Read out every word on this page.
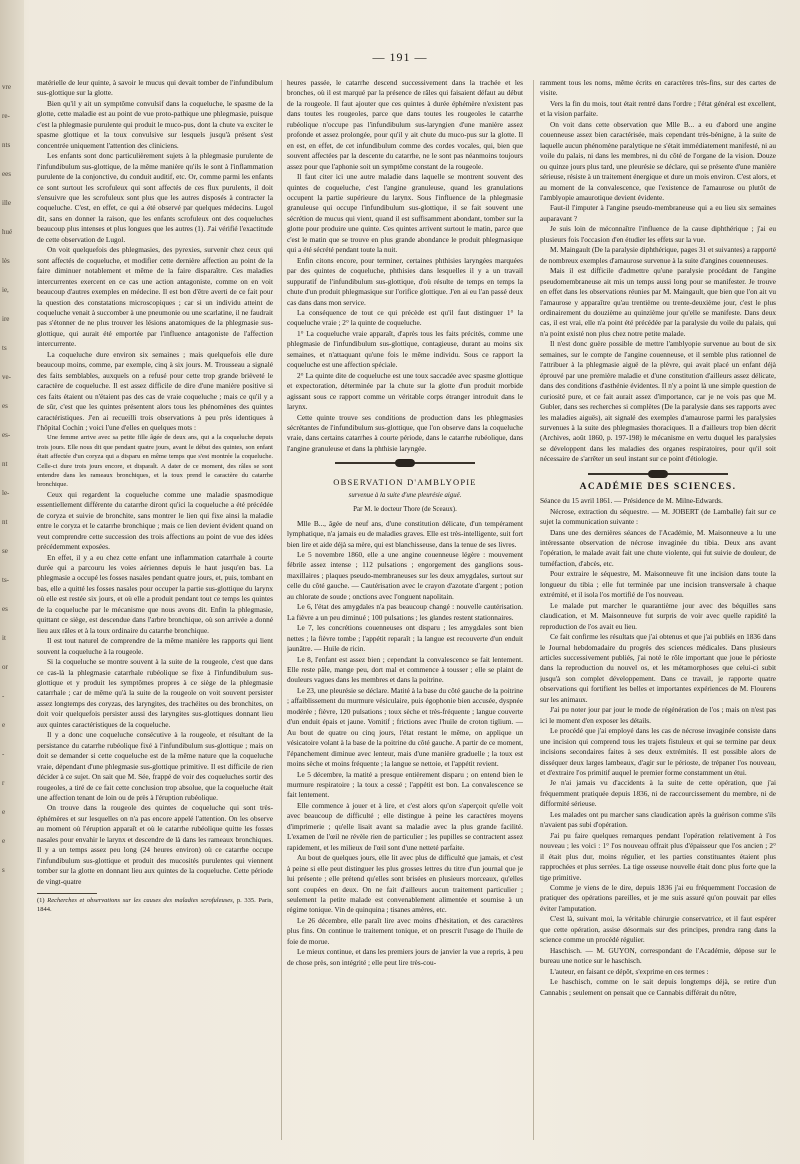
vre
re-
nts
ees
ille
hué
lès
ie,
ire
ts
ve-
es
es-
nt
le-
nt
se
ts-
es
it
or
-
e
-
r
e
e
s
— 191 —

matérielle de leur quinte, à savoir le mucus qui devait tomber de l'infundibulum sus-glottique sur la glotte.

Bien qu'il y ait un symptôme convulsif dans la coqueluche, le spasme de la glotte, cette maladie est au point de vue proto-pathique une phlegmasie, puisque c'est la phlegmasie purulente qui produit le muco-pus, dont la chute va exciter le spasme glottique et la toux convulsive sur lesquels jusqu'à présent s'est concentrée uniquement l'attention des cliniciens.

Les enfants sont donc particulièrement sujets à la phlegmasie purulente de l'infundibulum sus-glottique, de la même manière qu'ils le sont à l'inflammation purulente de la conjonctive, du conduit auditif, etc. Or, comme parmi les enfants ce sont surtout les scrofuleux qui sont affectés de ces flux purulents, il doit s'ensuivre que les scrofuleux sont plus que les autres disposés à contracter la coqueluche. C'est, en effet, ce qui a été observé par quelques médecins. Lugol dit, sans en donner la raison, que les enfants scrofuleux ont des coqueluches beaucoup plus intenses et plus longues que les autres (1). J'ai vérifié l'exactitude de cette observation de Lugol.

On voit quelquefois des phlegmasies, des pyrexies, survenir chez ceux qui sont affectés de coqueluche, et modifier cette dernière affection au point de la faire diminuer notablement et même de la faire disparaître. Ces maladies intercurrentes exercent en ce cas une action antagoniste, comme on en voit beaucoup d'autres exemples en médecine. Il est bon d'être averti de ce fait pour la question des constatations microscopiques ; car si un individu atteint de coqueluche venait à succomber à une pneumonie ou une scarlatine, il ne faudrait pas s'étonner de ne plus trouver les lésions anatomiques de la phlegmasie sus-glottique, qui aurait été emportée par l'influence antagoniste de l'affection intercurrente.

La coqueluche dure environ six semaines ; mais quelquefois elle dure beaucoup moins, comme, par exemple, cinq à six jours. M. Trousseau a signalé des faits semblables, auxquels on a refusé pour cette trop grande brièveté le caractère de coqueluche. Il est assez difficile de dire d'une manière positive si ces faits étaient ou n'étaient pas des cas de vraie coqueluche ; mais ce qu'il y a de sûr, c'est que les quintes présentent alors tous les phénomènes des quintes caractéristiques. J'en ai recueilli trois observations à peu près identiques à l'hôpital Cochin ; voici l'une d'elles en quelques mots :

Une femme arrive avec sa petite fille âgée de deux ans, qui a la coqueluche depuis trois jours. Elle nous dit que pendant quatre jours, avant le début des quintes, son enfant était affectée d'un coryza qui a disparu en même temps que s'est montrée la coqueluche. Celle-ci dure trois jours encore, et disparaît. A dater de ce moment, des râles se sont entendre dans les rameaux bronchiques, et la toux prend le caractère du catarrhe bronchique.

Ceux qui regardent la coqueluche comme une maladie spasmodique essentiellement différente du catarrhe diront qu'ici la coqueluche a été précédée de coryza et suivie de bronchite, sans montrer le lien qui fixe ainsi la maladie entre le coryza et le catarrhe bronchique ; mais ce lien devient évident quand on veut comprendre cette succession des trois affections au point de vue des idées précédemment exposées.

En effet, il y a eu chez cette enfant une inflammation catarrhale à courte durée qui a parcouru les voies aériennes depuis le haut jusqu'en bas. La phlegmasie a occupé les fosses nasales pendant quatre jours, et, puis, tombant en bas, elle a quitté les fosses nasales pour occuper la partie sus-glottique du larynx où elle est restée six jours, et où elle a produit pendant tout ce temps les quintes de la coqueluche par le mécanisme que nous avons dit. Enfin la phlegmasie, quittant ce siège, est descendue dans l'arbre bronchique, où son arrivée a donné lieu aux râles et à la toux ordinaire du catarrhe bronchique.

Il est tout naturel de comprendre de la même manière les rapports qui lient souvent la coqueluche à la rougeole.

Si la coqueluche se montre souvent à la suite de la rougeole, c'est que dans ce cas-là la phlegmasie catarrhale rubéolique se fixe à l'infundibulum sus-glottique et y produit les symptômes propres à ce siège de la phlegmasie catarrhale ; car de même qu'à la suite de la rougeole on voit souvent persister assez longtemps des coryzas, des laryngites, des trachéites ou des bronchites, on doit voir quelquefois persister aussi des laryngites sus-glottiques donnant lieu aux quintes caractéristiques de la coqueluche.

Il y a donc une coqueluche consécutive à la rougeole, et résultant de la persistance du catarrhe rubéolique fixé à l'infundibulum sus-glottique ; mais on doit se demander si cette coqueluche est de la même nature que la coqueluche vraie, dépendant d'une phlegmasie sus-glottique primitive. Il est difficile de rien décider à ce sujet. On sait que M. Sée, frappé de voir des coqueluches sortir des rougeoles, a tiré de ce fait cette conclusion trop absolue, que la coqueluche était une affection tenant de loin ou de près à l'éruption rubéolique.

On trouve dans la rougeole des quintes de coqueluche qui sont très-éphémères et sur lesquelles on n'a pas encore appelé l'attention. On les observe au moment où l'éruption apparaît et où le catarrhe rubéolique quitte les fosses nasales pour envahir le larynx et descendre de là dans les rameaux bronchiques. Il y a un temps assez peu long (24 heures environ) où ce catarrhe occupe l'infundibulum sus-glottique et produit des mucosités purulentes qui viennent tomber sur la glotte en donnant lieu aux quintes de la coqueluche. Cette période de vingt-quatre

(1) Recherches et observations sur les causes des maladies scrofuleuses, p. 335. Paris, 1844.

heures passée, le catarrhe descend successivement dans la trachée et les bronches, où il est marqué par la présence de râles qui faisaient défaut au début de la rougeole. Il faut ajouter que ces quintes à durée éphémère n'existent pas dans toutes les rougeoles, parce que dans toutes les rougeoles le catarrhe rubéolique n'occupe pas l'infundibulum sus-laryngien d'une manière assez profonde et assez prolongée, pour qu'il y ait chute du muco-pus sur la glotte. Il en est, en effet, de cet infundibulum comme des cordes vocales, qui, bien que souvent affectées par la descente du catarrhe, ne le sont pas néanmoins toujours assez pour que l'aphonie soit un symptôme constant de la rougeole.

Il faut citer ici une autre maladie dans laquelle se montrent souvent des quintes de coqueluche, c'est l'angine granuleuse, quand les granulations occupent la partie supérieure du larynx. Sous l'influence de la phlegmasie granuleuse qui occupe l'infundibulum sus-glottique, il se fait souvent une sécrétion de mucus qui vient, quand il est suffisamment abondant, tomber sur la glotte pour produire une quinte. Ces quintes arrivent surtout le matin, parce que c'est le matin que se trouve en plus grande abondance le produit phlegmasique qui a été sécrété pendant toute la nuit.

Enfin citons encore, pour terminer, certaines phthisies laryngées marquées par des quintes de coqueluche, phthisies dans lesquelles il y a un travail suppuratif de l'infundibulum sus-glottique, d'où résulte de temps en temps la chute d'un produit phlegmasique sur l'orifice glottique. J'en ai eu l'an passé deux cas dans dans mon service.

La conséquence de tout ce qui précède est qu'il faut distinguer 1° la coqueluche vraie ; 2° la quinte de coqueluche.

1° La coqueluche vraie apparaît, d'après tous les faits précités, comme une phlegmasie de l'infundibulum sus-glottique, contagieuse, durant au moins six semaines, et n'attaquant qu'une fois le même individu. Sous ce rapport la coqueluche est une affection spéciale.

2° La quinte dite de coqueluche est une toux saccadée avec spasme glottique et expectoration, déterminée par la chute sur la glotte d'un produit morbide agissant sous ce rapport comme un véritable corps étranger introduit dans le larynx.

Cette quinte trouve ses conditions de production dans les phlegmasies sécrétantes de l'infundibulum sus-glottique, que l'on observe dans la coqueluche vraie, dans certains catarrhes à courte période, dans le catarrhe rubéolique, dans l'angine granuleuse et dans la phthisie laryngée.

OBSERVATION D'AMBLYOPIE

survenue à la suite d'une pleurésie aiguë.

Par M. le docteur Thore (de Sceaux).

Mlle B..., âgée de neuf ans, d'une constitution délicate, d'un tempérament lymphatique, n'a jamais eu de maladies graves. Elle est très-intelligente, suit fort bien lire et aide déjà sa mère, qui est blanchisseuse, dans la tenue de ses livres.

Le 5 novembre 1860, elle a une angine couenneuse légère : mouvement fébrile assez intense ; 112 pulsations ; engorgement des ganglions sous-maxillaires ; plaques pseudo-membraneuses sur les deux amygdales, surtout sur celle du côté gauche. — Cautérisation avec le crayon d'azotate d'argent ; potion au chlorate de soude ; onctions avec l'onguent napolitain.

Le 6, l'état des amygdales n'a pas beaucoup changé : nouvelle cautérisation. La fièvre a un peu diminué ; 100 pulsations ; les glandes restent stationnaires.

Le 7, les concrétions couenneuses ont disparu ; les amygdales sont bien nettes ; la fièvre tombe ; l'appétit reparaît ; la langue est recouverte d'un enduit jaunâtre. — Huile de ricin.

Le 8, l'enfant est assez bien ; cependant la convalescence se fait lentement. Elle reste pâle, mange peu, dort mal et commence à tousser ; elle se plaint de douleurs vagues dans les membres et dans la poitrine.

Le 23, une pleurésie se déclare. Matité à la base du côté gauche de la poitrine ; affaiblissement du murmure vésiculaire, puis égophonie bien accusée, dyspnée modérée ; fièvre, 120 pulsations ; toux sèche et très-fréquente ; langue couverte d'un enduit épais et jaune. Vomitif ; frictions avec l'huile de croton tiglium. — Au bout de quatre ou cinq jours, l'état restant le même, on applique un vésicatoire volant à la base de la poitrine du côté gauche. A partir de ce moment, l'épanchement diminue avec lenteur, mais d'une manière graduelle ; la toux est moins sèche et moins fréquente ; la langue se nettoie, et l'appétit revient.

Le 5 décembre, la matité a presque entièrement disparu ; on entend bien le murmure respiratoire ; la toux a cessé ; l'appétit est bon. La convalescence se fait lentement.

Elle commence à jouer et à lire, et c'est alors qu'on s'aperçoit qu'elle voit avec beaucoup de difficulté ; elle distingue à peine les caractères moyens d'imprimerie ; qu'elle lisait avant sa maladie avec la plus grande facilité. L'examen de l'œil ne révèle rien de particulier ; les pupilles se contractent assez rapidement, et les milieux de l'œil sont d'une netteté parfaite.

Au bout de quelques jours, elle lit avec plus de difficulté que jamais, et c'est à peine si elle peut distinguer les plus grosses lettres du titre d'un journal que je lui présente ; elle prétend qu'elles sont brisées en plusieurs morceaux, qu'elles sont coupées en deux. On ne fait d'ailleurs aucun traitement particulier ; seulement la petite malade est convenablement alimentée et soumise à un régime tonique. Vin de quinquina ; tisanes amères, etc.

Le 26 décembre, elle paraît lire avec moins d'hésitation, et des caractères plus fins. On continue le traitement tonique, et on prescrit l'usage de l'huile de foie de morue.

Le mieux continue, et dans les premiers jours de janvier la vue a repris, à peu de chose près, son intégrité ; elle peut lire très-cou-

ramment tous les noms, même écrits en caractères très-fins, sur des cartes de visite.

Vers la fin du mois, tout était rentré dans l'ordre ; l'état général est excellent, et la vision parfaite.

On voit dans cette observation que Mlle B... a eu d'abord une angine couenneuse assez bien caractérisée, mais cependant très-bénigne, à la suite de laquelle aucun phénomène paralytique ne s'était immédiatement manifesté, ni au voile du palais, ni dans les membres, ni du côté de l'organe de la vision. Douze ou quinze jours plus tard, une pleurésie se déclare, qui se présente d'une manière sérieuse, résiste à un traitement énergique et dure un mois environ. C'est alors, et au moment de la convalescence, que l'existence de l'amaurose ou plutôt de l'amblyopie amaurotique devient évidente.

Faut-il l'imputer à l'angine pseudo-membraneuse qui a eu lieu six semaines auparavant ?

Je suis loin de méconnaître l'influence de la cause diphthérique ; j'ai eu plusieurs fois l'occasion d'en étudier les effets sur la vue.

M. Maingault (De la paralysie diphthérique, pages 31 et suivantes) a rapporté de nombreux exemples d'amaurose survenue à la suite d'angines couenneuses.

Mais il est difficile d'admettre qu'une paralysie procédant de l'angine pseudomembraneuse ait mis un temps aussi long pour se manifester. Je trouve en effet dans les observations réunies par M. Maingault, que bien que l'on ait vu l'amaurose y apparaître qu'au trentième ou trente-deuxième jour, c'est le plus ordinairement du douzième au quinzième jour qu'elle se manifeste. Dans deux cas, il est vrai, elle n'a point été précédée par la paralysie du voile du palais, qui n'a point existé non plus chez notre petite malade.

Il n'est donc guère possible de mettre l'amblyopie survenue au bout de six semaines, sur le compte de l'angine couenneuse, et il semble plus rationnel de l'attribuer à la phlegmasie aiguë de la plèvre, qui avait placé un enfant déjà éprouvé par une première maladie et d'une constitution d'ailleurs assez délicate, dans des conditions d'asthénie évidentes. Il n'y a point là une simple question de curiosité pure, et ce fait aurait assez d'importance, car je ne vois pas que M. Gubler, dans ses recherches si complètes (De la paralysie dans ses rapports avec les maladies aiguës), ait signalé des exemples d'amaurose parmi les paralysies survenues à la suite des phlegmasies thoraciques. Il a d'ailleurs trop bien décrit (Archives, août 1860, p. 197-198) le mécanisme en vertu duquel les paralysies se développent dans les maladies des organes respiratoires, pour qu'il soit nécessaire de s'arrêter un seul instant sur ce point d'étiologie.

ACADÉMIE DES SCIENCES.

Séance du 15 avril 1861. — Présidence de M. Milne-Edwards.

Nécrose, extraction du séquestre. — M. JOBERT (de Lamballe) fait sur ce sujet la communication suivante :

Dans une des dernières séances de l'Académie, M. Maisonneuve a lu une intéressante observation de nécrose invaginée du tibia. Deux ans avant l'opération, le malade avait fait une chute violente, qui fut suivie de douleur, de tuméfaction, d'abcès, etc.

Pour extraire le séquestre, M. Maisonneuve fit une incision dans toute la longueur du tibia ; elle fut terminée par une incision transversale à chaque extrémité, et il isola l'os mortifié de l'os nouveau.

Le malade put marcher le quarantième jour avec des béquilles sans claudication, et M. Maisonneuve fut surpris de voir avec quelle rapidité la reproduction de l'os avait eu lieu.

Ce fait confirme les résultats que j'ai obtenus et que j'ai publiés en 1836 dans le Journal hebdomadaire du progrès des sciences médicales. Dans plusieurs articles successivement publiés, j'ai noté le rôle important que joue le périoste dans la reproduction du nouvel os, et les métamorphoses que celui-ci subit jusqu'à son complet développement. Dans ce travail, je rapporte quatre observations qui fortifient les belles et importantes expériences de M. Flourens sur les animaux.

J'ai pu noter jour par jour le mode de régénération de l'os ; mais on n'est pas ici le moment d'en exposer les détails.

Le procédé que j'ai employé dans les cas de nécrose invaginée consiste dans une incision qui comprend tous les trajets fistuleux et qui se termine par deux incisions secondaires faites à ses deux extrémités. Il est possible alors de disséquer deux larges lambeaux, d'agir sur le périoste, de trépaner l'os nouveau, et d'extraire l'os primitif auquel le premier forme constamment un étui.

Je n'ai jamais vu d'accidents à la suite de cette opération, que j'ai fréquemment pratiquée depuis 1836, ni de raccourcissement du membre, ni de difformité sérieuse.

Les malades ont pu marcher sans claudication après la guérison comme s'ils n'avaient pas subi d'opération.

J'ai pu faire quelques remarques pendant l'opération relativement à l'os nouveau ; les voici : 1° l'os nouveau offrait plus d'épaisseur que l'os ancien ; 2° il était plus dur, moins régulier, et les parties constituantes étaient plus rapprochées et plus serrées. La tige osseuse nouvelle était donc plus forte que la tige primitive.

Comme je viens de le dire, depuis 1836 j'ai eu fréquemment l'occasion de pratiquer des opérations pareilles, et je me suis assuré qu'on pouvait par elles éviter l'amputation.

C'est là, suivant moi, la véritable chirurgie conservatrice, et il faut espérer que cette opération, assise désormais sur des principes, prendra rang dans la science comme un procédé régulier.

Haschisch. — M. GUYON, correspondant de l'Académie, dépose sur le bureau une notice sur le haschisch.

L'auteur, en faisant ce dépôt, s'exprime en ces termes :

Le haschisch, comme on le sait depuis longtemps déjà, se retire d'un Cannabis ; seulement on pensait que ce Cannabis différait du nôtre,
